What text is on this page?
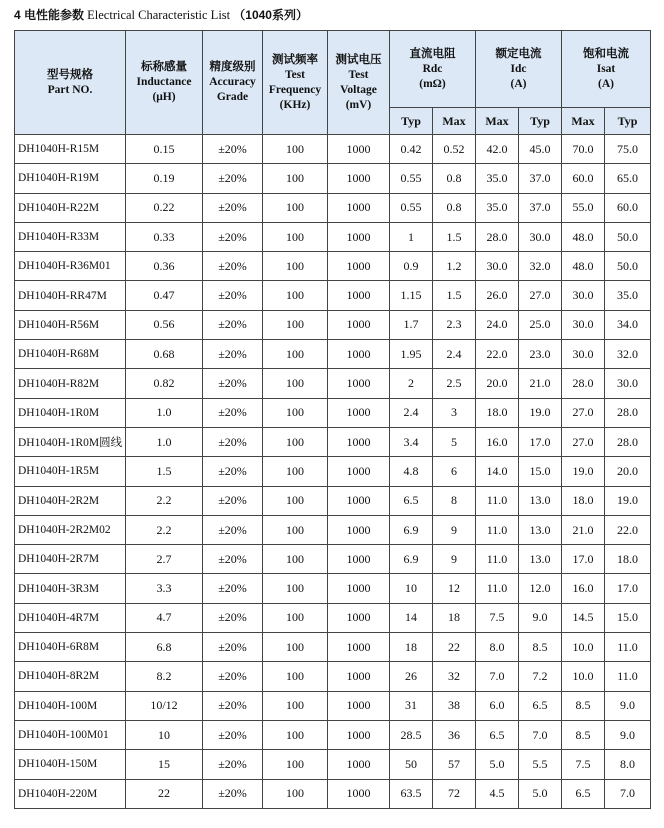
4 电性能参数 Electrical Characteristic List （1040系列）
型号规格
Part NO.	标称感量
Inductance
(μH)	精度级别
Accuracy
Grade	测试频率
Test
Frequency
(KHz)	测试电压
Test
Voltage
(mV)	直流电阻
Rdc
(mΩ)		额定电流
Idc
(A)		饱和电流
Isat
(A)	

					Typ	Max	Max	Typ	Max	Typ
DH1040H-R15M	0.15	±20%	100	1000	0.42	0.52	42.0	45.0	70.0	75.0
DH1040H-R19M	0.19	±20%	100	1000	0.55	0.8	35.0	37.0	60.0	65.0
DH1040H-R22M	0.22	±20%	100	1000	0.55	0.8	35.0	37.0	55.0	60.0
DH1040H-R33M	0.33	±20%	100	1000	1	1.5	28.0	30.0	48.0	50.0
DH1040H-R36M01	0.36	±20%	100	1000	0.9	1.2	30.0	32.0	48.0	50.0
DH1040H-RR47M	0.47	±20%	100	1000	1.15	1.5	26.0	27.0	30.0	35.0
DH1040H-R56M	0.56	±20%	100	1000	1.7	2.3	24.0	25.0	30.0	34.0
DH1040H-R68M	0.68	±20%	100	1000	1.95	2.4	22.0	23.0	30.0	32.0
DH1040H-R82M	0.82	±20%	100	1000	2	2.5	20.0	21.0	28.0	30.0
DH1040H-1R0M	1.0	±20%	100	1000	2.4	3	18.0	19.0	27.0	28.0
DH1040H-1R0M圆线	1.0	±20%	100	1000	3.4	5	16.0	17.0	27.0	28.0
DH1040H-1R5M	1.5	±20%	100	1000	4.8	6	14.0	15.0	19.0	20.0
DH1040H-2R2M	2.2	±20%	100	1000	6.5	8	11.0	13.0	18.0	19.0
DH1040H-2R2M02	2.2	±20%	100	1000	6.9	9	11.0	13.0	21.0	22.0
DH1040H-2R7M	2.7	±20%	100	1000	6.9	9	11.0	13.0	17.0	18.0
DH1040H-3R3M	3.3	±20%	100	1000	10	12	11.0	12.0	16.0	17.0
DH1040H-4R7M	4.7	±20%	100	1000	14	18	7.5	9.0	14.5	15.0
DH1040H-6R8M	6.8	±20%	100	1000	18	22	8.0	8.5	10.0	11.0
DH1040H-8R2M	8.2	±20%	100	1000	26	32	7.0	7.2	10.0	11.0
DH1040H-100M	10/12	±20%	100	1000	31	38	6.0	6.5	8.5	9.0
DH1040H-100M01	10	±20%	100	1000	28.5	36	6.5	7.0	8.5	9.0
DH1040H-150M	15	±20%	100	1000	50	57	5.0	5.5	7.5	8.0
DH1040H-220M	22	±20%	100	1000	63.5	72	4.5	5.0	6.5	7.0
